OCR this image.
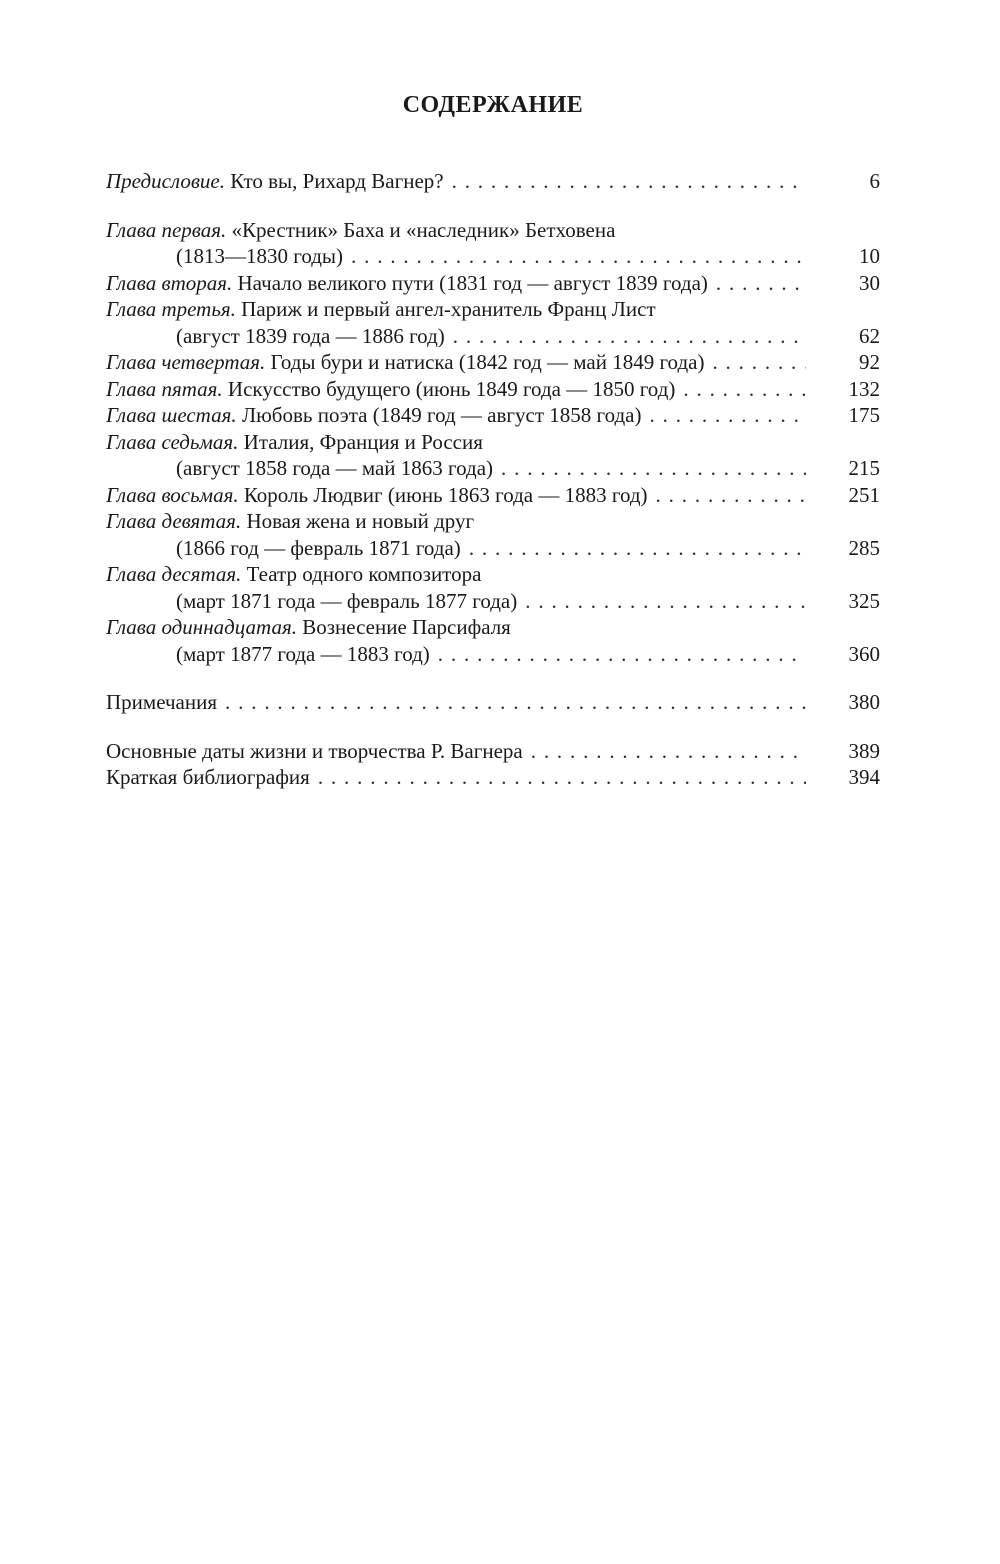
СОДЕРЖАНИЕ
Предисловие. Кто вы, Рихард Вагнер? . . .	6
Глава первая. «Крестник» Баха и «наследник» Бетховена
(1813—1830 годы) . . .	10
Глава вторая. Начало великого пути (1831 год — август 1839 года) . . .	30
Глава третья. Париж и первый ангел-хранитель Франц Лист
(август 1839 года — 1886 год) . . .	62
Глава четвертая. Годы бури и натиска (1842 год — май 1849 года) . . .	92
Глава пятая. Искусство будущего (июнь 1849 года — 1850 год) . . .	132
Глава шестая. Любовь поэта (1849 год — август 1858 года) . . .	175
Глава седьмая. Италия, Франция и Россия
(август 1858 года — май 1863 года) . . .	215
Глава восьмая. Король Людвиг (июнь 1863 года — 1883 год) . . .	251
Глава девятая. Новая жена и новый друг
(1866 год — февраль 1871 года) . . .	285
Глава десятая. Театр одного композитора
(март 1871 года — февраль 1877 года) . . .	325
Глава одиннадцатая. Вознесение Парсифаля
(март 1877 года — 1883 год) . . .	360
Примечания . . .	380
Основные даты жизни и творчества Р. Вагнера . . .	389
Краткая библиография . . .	394
